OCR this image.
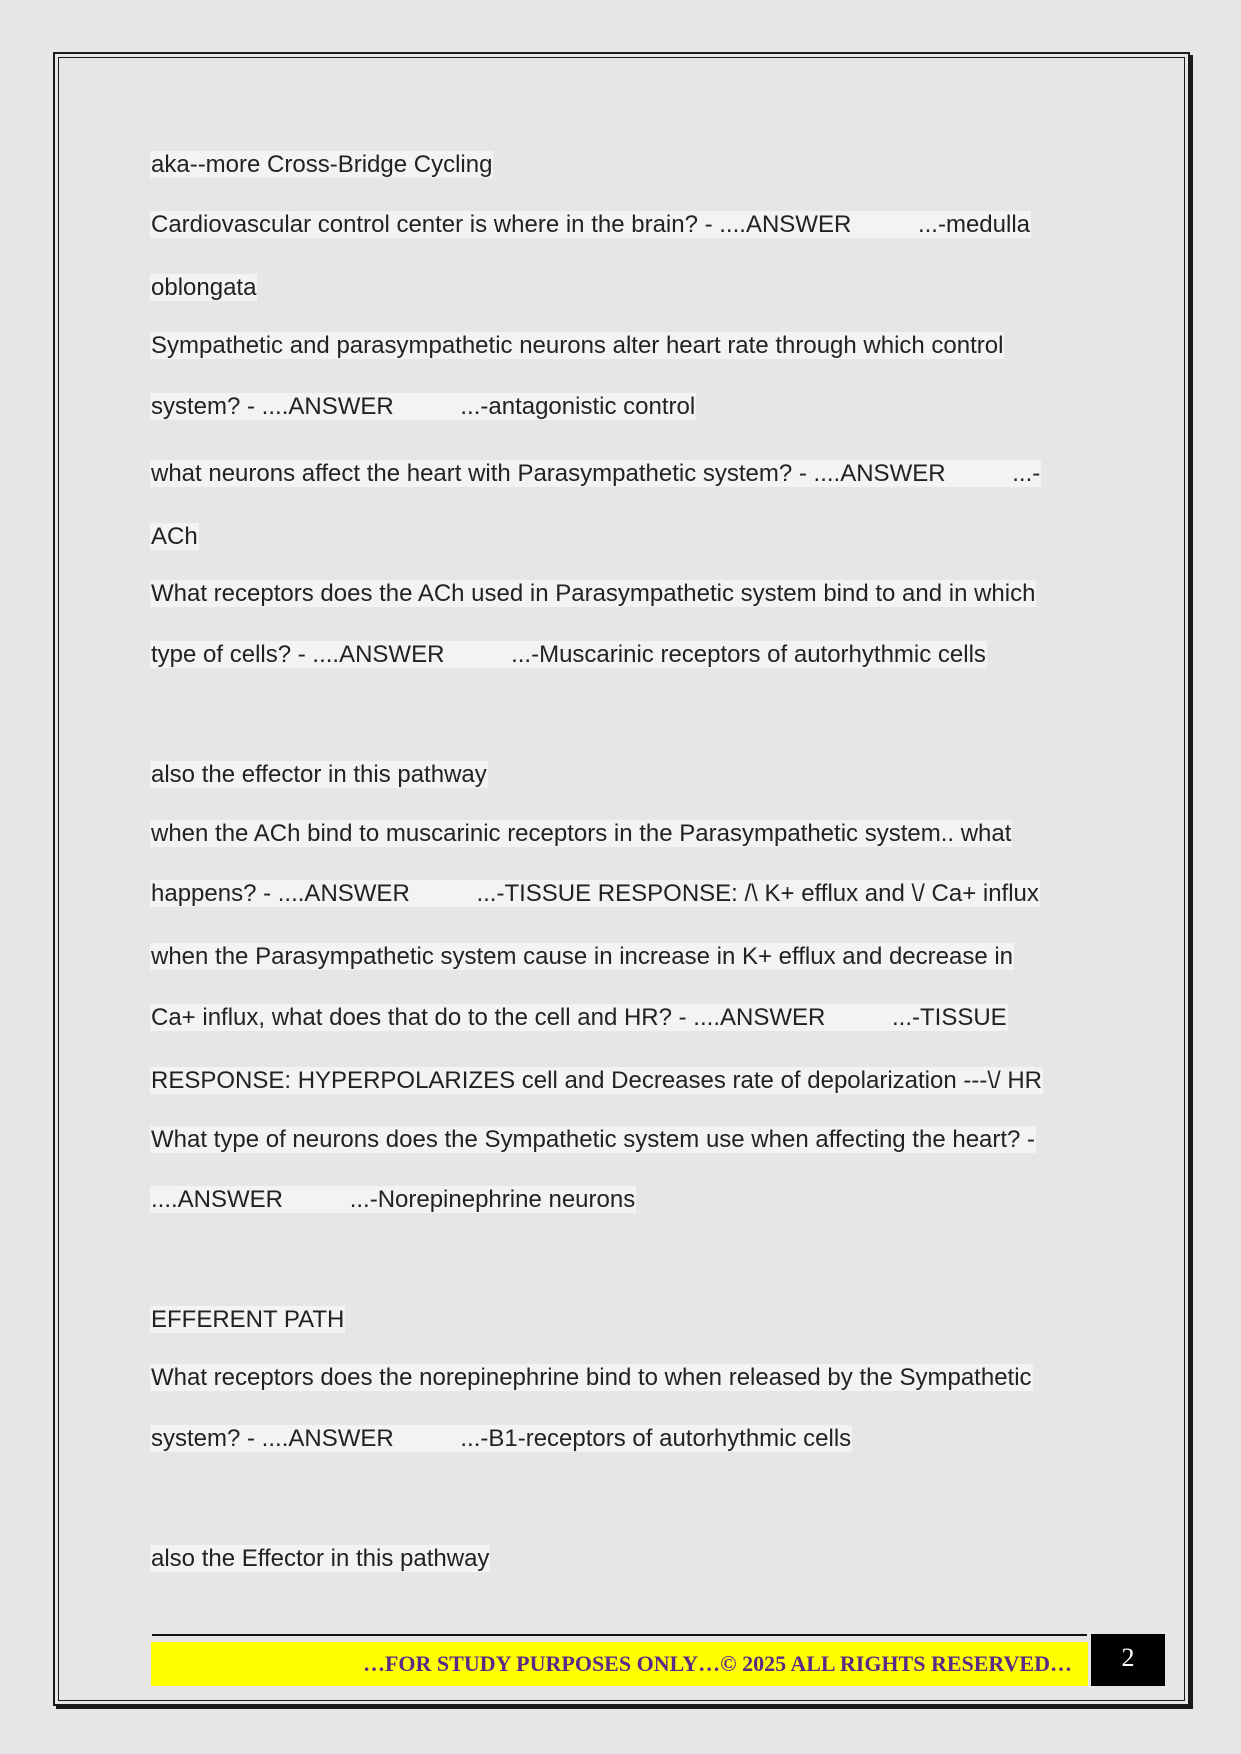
aka--more Cross-Bridge Cycling
Cardiovascular control center is where in the brain? - ....ANSWER          ...-medulla
oblongata
Sympathetic and parasympathetic neurons alter heart rate through which control
system? - ....ANSWER          ...-antagonistic control
what neurons affect the heart with Parasympathetic system? - ....ANSWER          ...-
ACh
What receptors does the ACh used in Parasympathetic system bind to and in which
type of cells? - ....ANSWER          ...-Muscarinic receptors of autorhythmic cells
also the effector in this pathway
when the ACh bind to muscarinic receptors in the Parasympathetic system.. what
happens? - ....ANSWER          ...-TISSUE RESPONSE: /\ K+ efflux and \/ Ca+ influx
when the Parasympathetic system cause in increase in K+ efflux and decrease in
Ca+ influx, what does that do to the cell and HR? - ....ANSWER          ...-TISSUE
RESPONSE: HYPERPOLARIZES cell and Decreases rate of depolarization ---\/ HR
What type of neurons does the Sympathetic system use when affecting the heart? -
....ANSWER          ...-Norepinephrine neurons
EFFERENT PATH
What receptors does the norepinephrine bind to when released by the Sympathetic
system? - ....ANSWER          ...-B1-receptors of autorhythmic cells
also the Effector in this pathway
…FOR STUDY PURPOSES ONLY…© 2025 ALL RIGHTS RESERVED…	2
